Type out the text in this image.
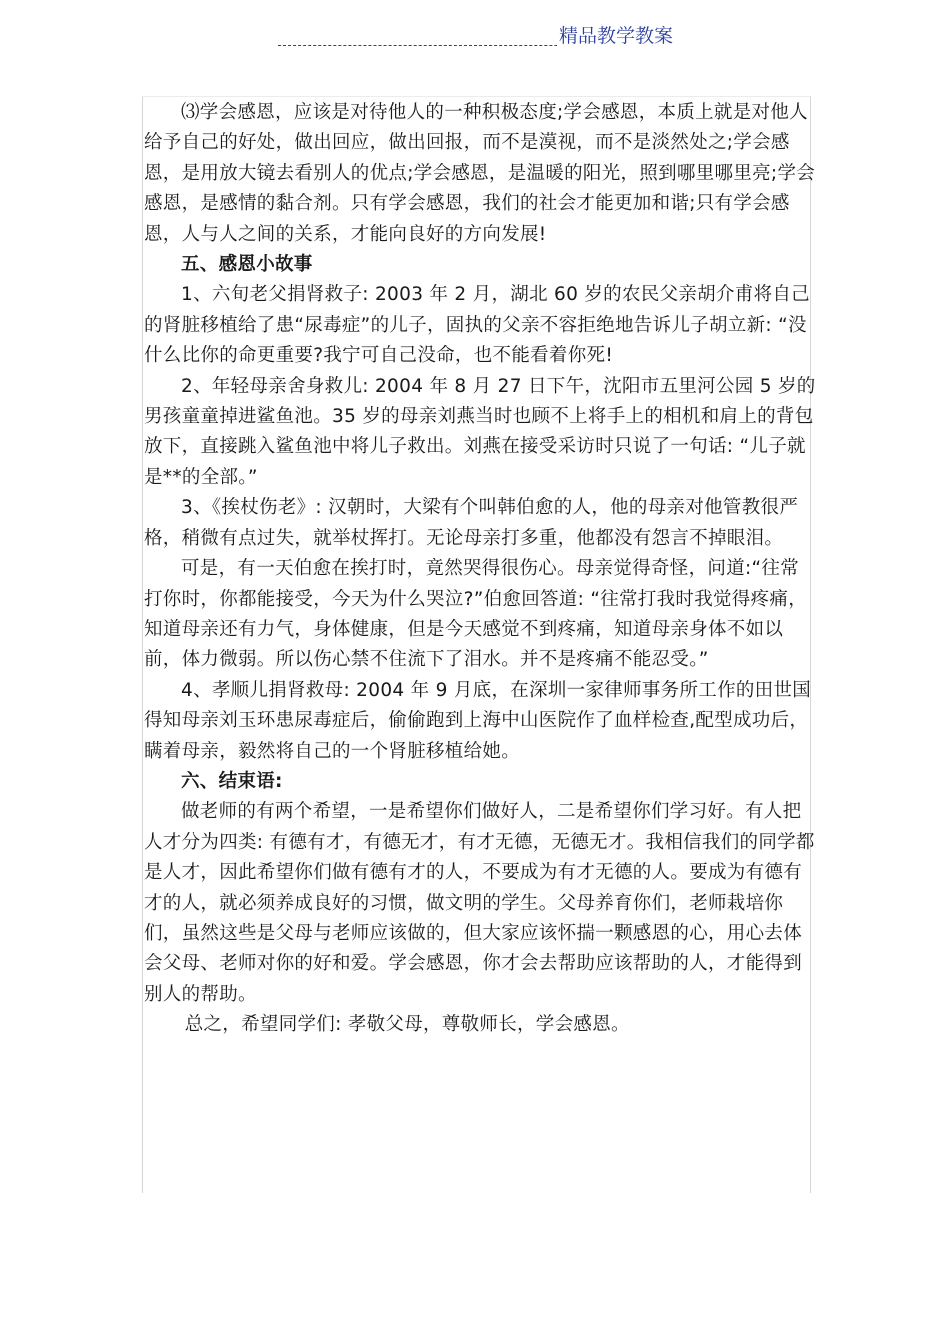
精品教学教案

⑶学会感恩，应该是对待他人的一种积极态度;学会感恩，本质上就是对他人给予自己的好处，做出回应，做出回报，而不是漠视，而不是淡然处之;学会感恩，是用放大镜去看别人的优点;学会感恩，是温暖的阳光，照到哪里哪里亮;学会感恩，是感情的黏合剂。只有学会感恩，我们的社会才能更加和谐;只有学会感恩，人与人之间的关系，才能向良好的方向发展!

五、感恩小故事

1、六旬老父捐肾救子: 2003 年 2 月，湖北 60 岁的农民父亲胡介甫将自己的肾脏移植给了患“尿毒症”的儿子，固执的父亲不容拒绝地告诉儿子胡立新: “没什么比你的命更重要?我宁可自己没命，也不能看着你死!

2、年轻母亲舍身救儿: 2004 年 8 月 27 日下午，沈阳市五里河公园 5 岁的男孩童童掉进鲨鱼池。35 岁的母亲刘燕当时也顾不上将手上的相机和肩上的背包放下，直接跳入鲨鱼池中将儿子救出。刘燕在接受采访时只说了一句话: “儿子就是**的全部。”

3、《挨杖伤老》: 汉朝时，大梁有个叫韩伯愈的人，他的母亲对他管教很严格，稍微有点过失，就举杖挥打。无论母亲打多重，他都没有怨言不掉眼泪。

可是，有一天伯愈在挨打时，竟然哭得很伤心。母亲觉得奇怪，问道:“往常打你时，你都能接受，今天为什么哭泣?”伯愈回答道: “往常打我时我觉得疼痛，知道母亲还有力气，身体健康，但是今天感觉不到疼痛，知道母亲身体不如以前，体力微弱。所以伤心禁不住流下了泪水。并不是疼痛不能忍受。”

4、孝顺儿捐肾救母: 2004 年 9 月底，在深圳一家律师事务所工作的田世国得知母亲刘玉环患尿毒症后，偷偷跑到上海中山医院作了血样检查,配型成功后，瞒着母亲，毅然将自己的一个肾脏移植给她。

六、结束语:

做老师的有两个希望，一是希望你们做好人，二是希望你们学习好。有人把人才分为四类: 有德有才，有德无才，有才无德，无德无才。我相信我们的同学都是人才，因此希望你们做有德有才的人，不要成为有才无德的人。要成为有德有才的人，就必须养成良好的习惯，做文明的学生。父母养育你们，老师栽培你们，虽然这些是父母与老师应该做的，但大家应该怀揣一颗感恩的心，用心去体会父母、老师对你的好和爱。学会感恩，你才会去帮助应该帮助的人，才能得到别人的帮助。

总之，希望同学们: 孝敬父母，尊敬师长，学会感恩。
